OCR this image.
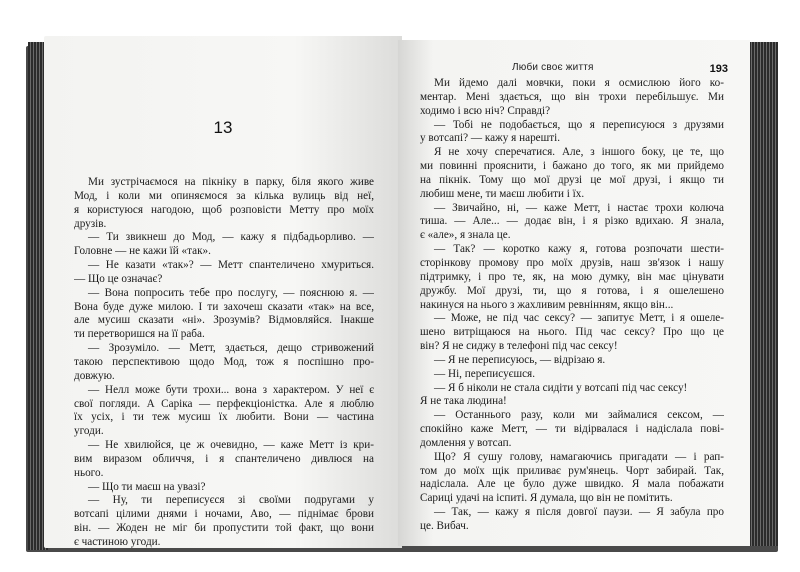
13
Ми зустрічаємося на пікніку в парку, біля якого живе
Мод, і коли ми опиняємося за кілька вулиць від неї,
я користуюся нагодою, щоб розповісти Метту про моїх
друзів.
— Ти звикнеш до Мод, — кажу я підбадьорливо. —
Головне — не кажи їй «так».
— Не казати «так»? — Метт спантеличено хмуриться.
— Що це означає?
— Вона попросить тебе про послугу, — пояснюю я. —
Вона буде дуже милою. І ти захочеш сказати «так» на все,
але мусиш сказати «ні». Зрозумів? Відмовляйся. Інакше
ти перетворишся на її раба.
— Зрозуміло. — Метт, здається, дещо стривожений
такою перспективою щодо Мод, тож я поспішно про-
довжую.
— Нелл може бути трохи... вона з характером. У неї є
свої погляди. А Саріка — перфекціоністка. Але я люблю
їх усіх, і ти теж мусиш їх любити. Вони — частина
угоди.
— Не хвилюйся, це ж очевидно, — каже Метт із кри-
вим виразом обличчя, і я спантеличено дивлюся на
нього.
— Що ти маєш на увазі?
— Ну, ти переписуєся зі своїми подругами у
вотсапі цілими днями і ночами, Аво, — піднімає брови
він. — Жоден не міг би пропустити той факт, що вони
є частиною угоди.
Люби своє життя	193
Ми йдемо далі мовчки, поки я осмислюю його ко-
мeнтар. Мені здається, що він трохи перебільшує. Ми
ходимо і всю ніч? Справді?
— Тобі не подобається, що я переписуюся з друзями
у вотсапі? — кажу я нарешті.
Я не хочу сперечатися. Але, з іншого боку, це те, що
ми повинні прояснити, і бажано до того, як ми прийдемо
на пікнік. Тому що мої друзі це мої друзі, і якщо ти
любиш мене, ти маєш любити і їх.
— Звичайно, ні, — каже Метт, і настає трохи колюча
тиша. — Але... — додає він, і я різко вдихаю. Я знала,
є «але», я знала це.
— Так? — коротко кажу я, готова розпочати шести-
сторінкову промову про моїх друзів, наш зв'язок і нашу
підтримку, і про те, як, на мою думку, він має цінувати
дружбу. Мої друзі, ти, що я готова, і я ошелешено
накинуся на нього з жахливим ревнінням, якщо він...
— Може, не під час сексу? — запитує Метт, і я ошеле-
шено витріщаюся на нього. Під час сексу? Про що це
він? Я не сиджу в телефоні під час сексу!
— Я не переписуюсь, — відрізаю я.
— Ні, переписуєшся.
— Я б ніколи не стала сидіти у вотсапі під час сексу!
Я не така людина!
— Останнього разу, коли ми займалися сексом, —
спокійно каже Метт, — ти відірвалася і надіслала пові-
домлення у вотсап.
Що? Я сушу голову, намагаючись пригадати — і рап-
том до моїх щік приливає рум'янець. Чорт забирай. Так,
надіслала. Але це було дуже швидко. Я мала побажати
Сариці удачі на іспиті. Я думала, що він не помітить.
— Так, — кажу я після довгої паузи. — Я забула про
це. Вибач.
